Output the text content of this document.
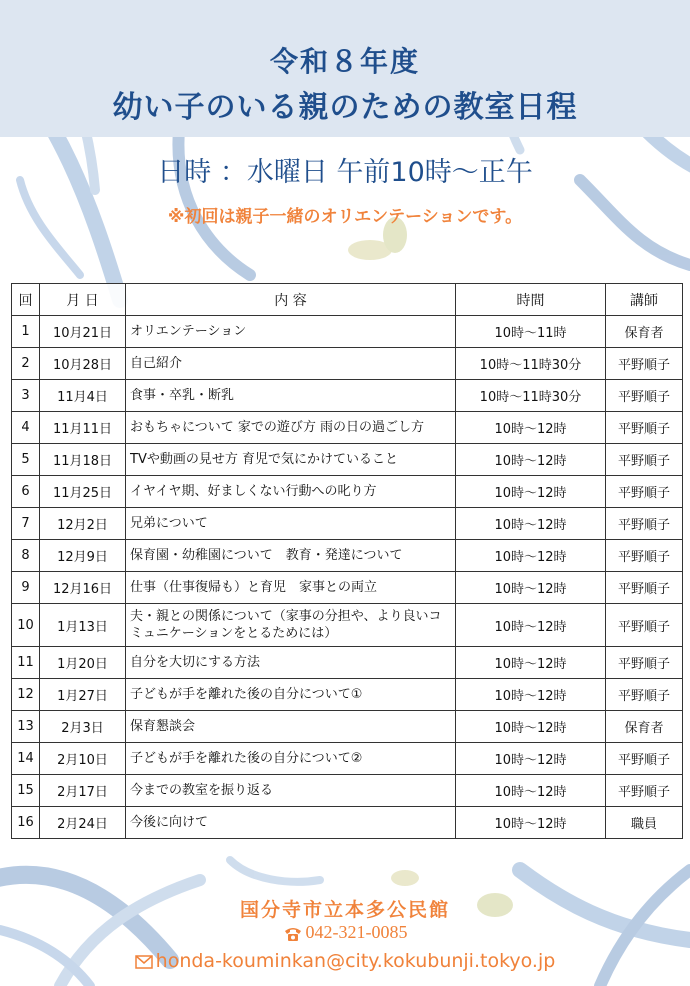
令和８年度
幼い子のいる親のための教室日程
日時 ：水曜日 午前10時～正午
※初回は親子一緒のオリエンテーションです。
回	月 日	内 容	時間	講師
1	10月21日	オリエンテーション	10時～11時	保育者
2	10月28日	自己紹介	10時～11時30分	平野順子
3	11月4日	食事・卒乳・断乳	10時～11時30分	平野順子
4	11月11日	おもちゃについて 家での遊び方 雨の日の過ごし方	10時～12時	平野順子
5	11月18日	TVや動画の見せ方 育児で気にかけていること	10時～12時	平野順子
6	11月25日	イヤイヤ期、好ましくない行動への叱り方	10時～12時	平野順子
7	12月2日	兄弟について	10時～12時	平野順子
8	12月9日	保育園・幼稚園について　教育・発達について	10時～12時	平野順子
9	12月16日	仕事（仕事復帰も）と育児　家事との両立	10時～12時	平野順子
10	1月13日	夫・親との関係について（家事の分担や、より良いコミュニケーションをとるためには）	10時～12時	平野順子
11	1月20日	自分を大切にする方法	10時～12時	平野順子
12	1月27日	子どもが手を離れた後の自分について①	10時～12時	平野順子
13	2月3日	保育懇談会	10時～12時	保育者
14	2月10日	子どもが手を離れた後の自分について②	10時～12時	平野順子
15	2月17日	今までの教室を振り返る	10時～12時	平野順子
16	2月24日	今後に向けて	10時～12時	職員
国分寺市立本多公民館
042-321-0085
honda-kouminkan@city.kokubunji.tokyo.jp
